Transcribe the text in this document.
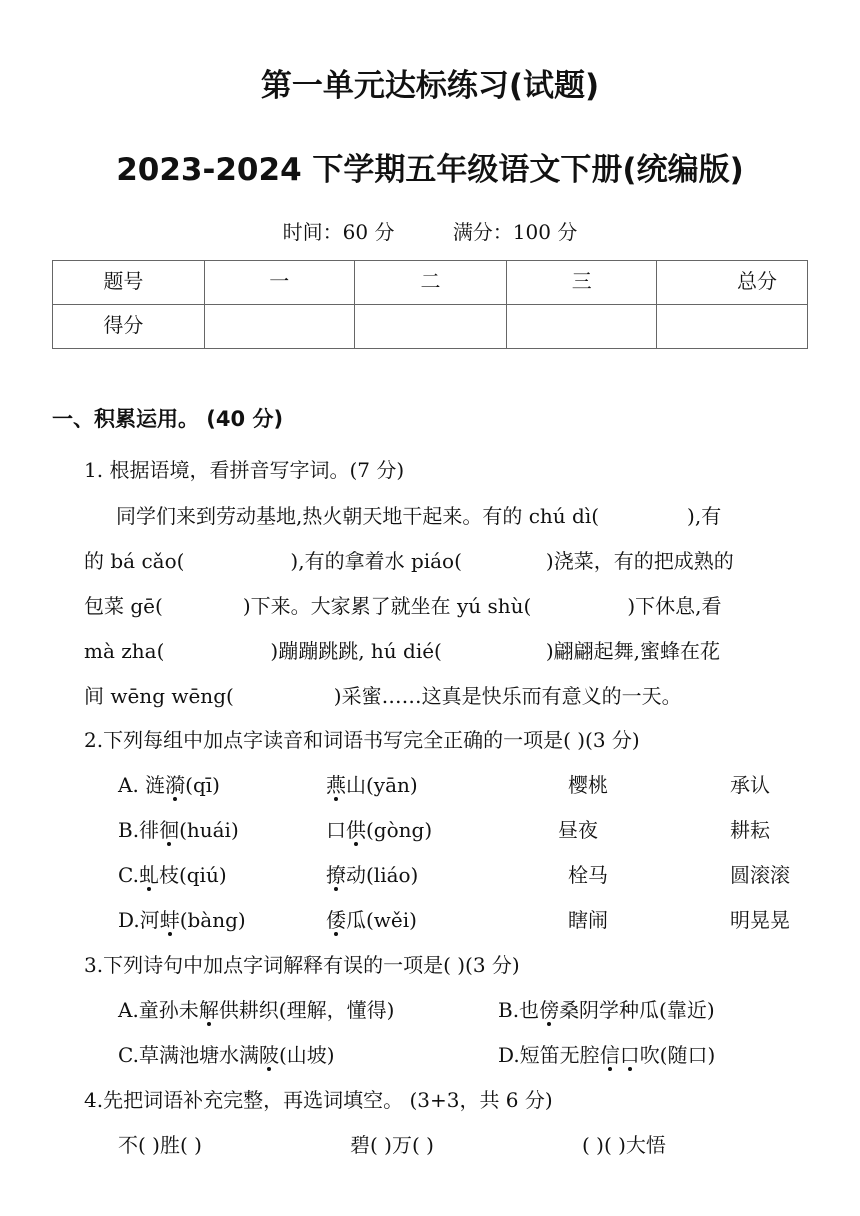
第一单元达标练习(试题)
2023-2024 下学期五年级语文下册(统编版)
时间：60 分	满分：100 分
题号	一	二	三	总分
得分				
一、积累运用。 (40 分)
1. 根据语境，看拼音写字词。(7 分)

同学们来到劳动基地,热火朝天地干起来。有的 chú dì(	),有

的 bá cǎo(	),有的拿着水 piáo(	)浇菜，有的把成熟的

包菜 gē(	)下来。大家累了就坐在 yú shù(	)下休息,看

mà zha(	)蹦蹦跳跳, hú dié(	)翩翩起舞,蜜蜂在花

间 wēng wēng(	)采蜜……这真是快乐而有意义的一天。

2.下列每组中加点字读音和词语书写完全正确的一项是( )(3 分)
A. 涟漪(qī)	燕山(yān)	樱桃	承认
B.徘徊(huái)	口供(gòng)	昼夜	耕耘
C.虬枝(qiú)	撩动(liáo)	栓马	圆滚滚
D.河蚌(bàng)	倭瓜(wěi)	瞎闹	明晃晃
3.下列诗句中加点字词解释有误的一项是( )(3 分)
A.童孙未解供耕织(理解，懂得)	B.也傍桑阴学种瓜(靠近)
C.草满池塘水满陂(山坡)	D.短笛无腔信口吹(随口)
4.先把词语补充完整，再选词填空。 (3+3，共 6 分)
不( )胜( )	碧( )万( )	( )( )大悟
